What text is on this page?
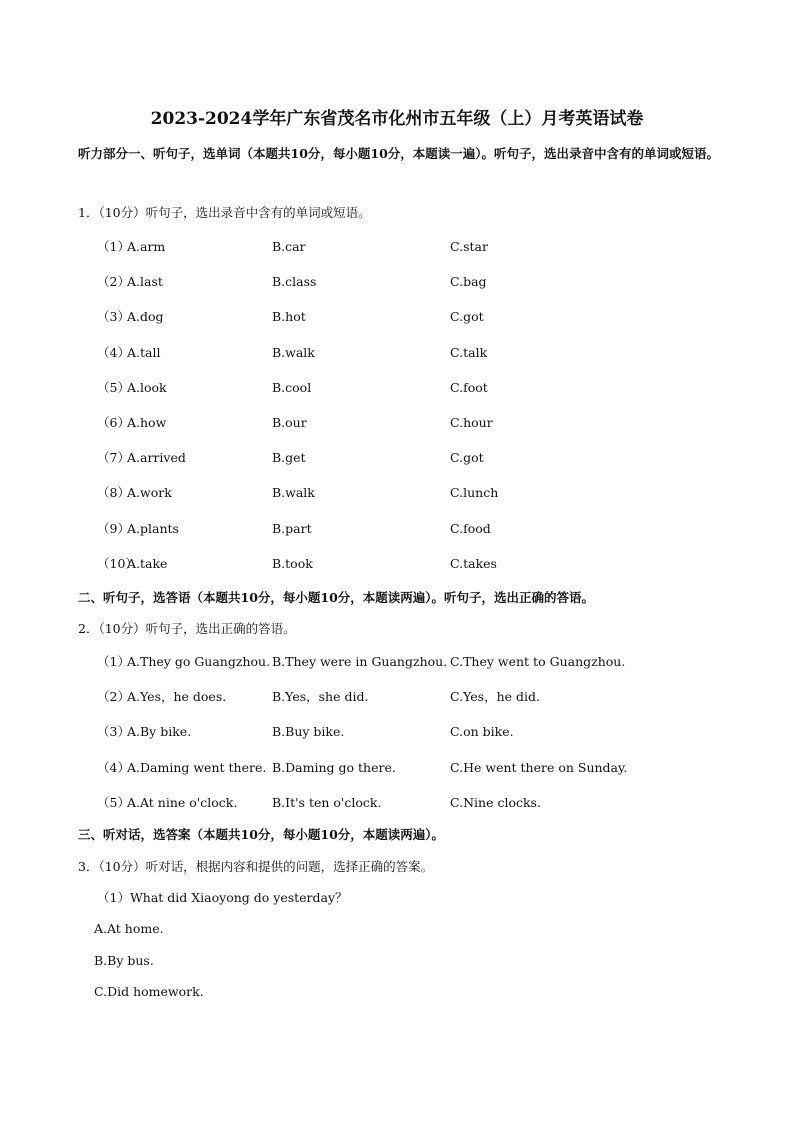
2023-2024学年广东省茂名市化州市五年级（上）月考英语试卷
听力部分一、听句子，选单词（本题共10分，每小题10分，本题读一遍）。听句子，选出录音中含有的单词或短语。
1．（10分）听句子，选出录音中含有的单词或短语。
（1）
A.arm	B.car	C.star
（2）
A.last	B.class	C.bag
（3）
A.dog	B.hot	C.got
（4）
A.tall	B.walk	C.talk
（5）
A.look	B.cool	C.foot
（6）
A.how	B.our	C.hour
（7）
A.arrived	B.get	C.got
（8）
A.work	B.walk	C.lunch
（9）
A.plants	B.part	C.food
（10）
A.take	B.took	C.takes
二、听句子，选答语（本题共10分，每小题10分，本题读两遍）。听句子，选出正确的答语。
2．（10分）听句子，选出正确的答语。
（1）
A.They go Guangzhou. B.They were in Guangzhou. C.They went to Guangzhou.
（2）
A.Yes，he does.	B.Yes，she did.	C.Yes，he did.
（3）
A.By bike.	B.Buy bike.	C.on bike.
（4）
A.Daming went there. B.Daming go there.	C.He went there on Sunday.
（5）
A.At nine o'clock.	B.It's ten o'clock.	C.Nine clocks.
三、听对话，选答案（本题共10分，每小题10分，本题读两遍）。
3．（10分）听对话，根据内容和提供的问题，选择正确的答案。
（1）What did Xiaoyong do yesterday？
A.At home.
B.By bus.
C.Did homework.
